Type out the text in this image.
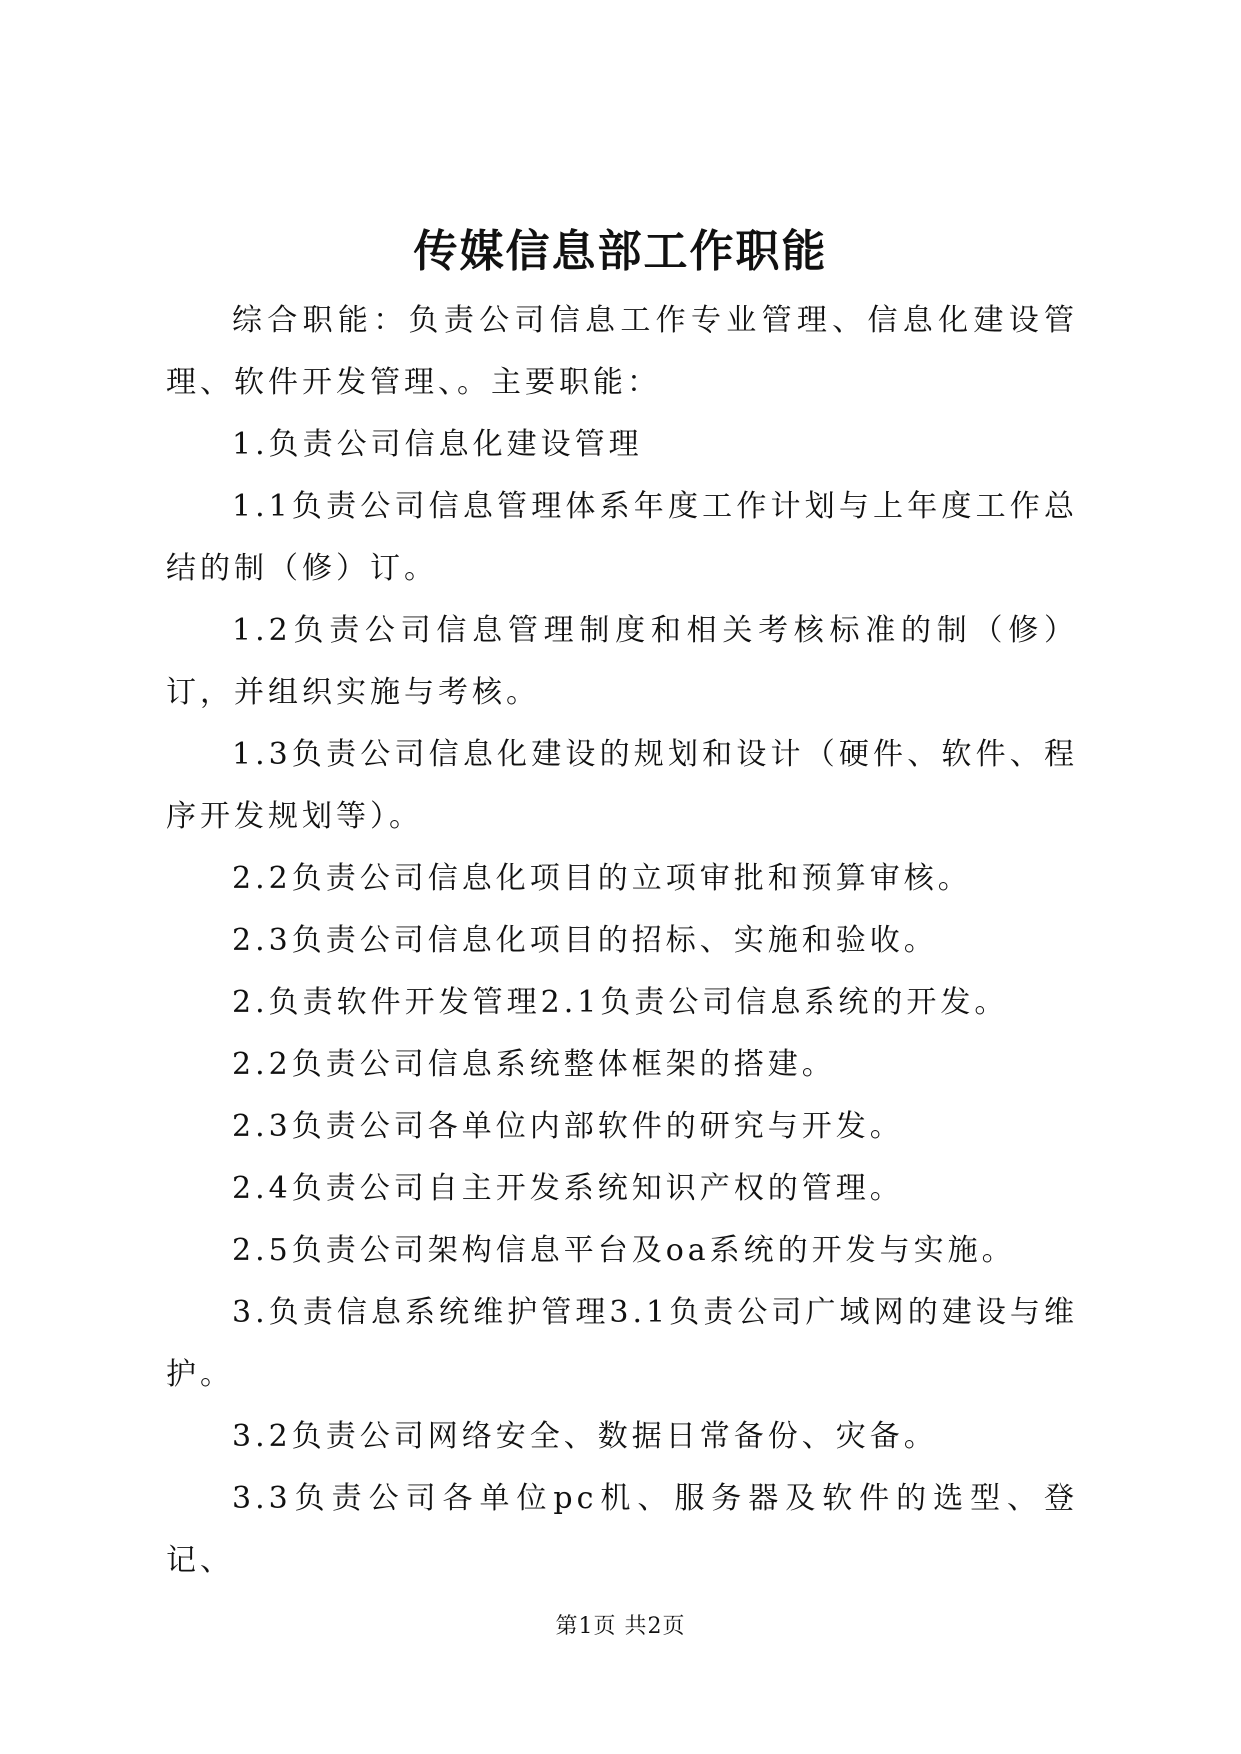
传媒信息部工作职能

综合职能：负责公司信息工作专业管理、信息化建设管理、软件开发管理、。主要职能：

1.负责公司信息化建设管理

1.1负责公司信息管理体系年度工作计划与上年度工作总结的制（修）订。

1.2负责公司信息管理制度和相关考核标准的制（修）订，并组织实施与考核。

1.3负责公司信息化建设的规划和设计（硬件、软件、程序开发规划等）。

2.2负责公司信息化项目的立项审批和预算审核。

2.3负责公司信息化项目的招标、实施和验收。

2.负责软件开发管理2.1负责公司信息系统的开发。

2.2负责公司信息系统整体框架的搭建。

2.3负责公司各单位内部软件的研究与开发。

2.4负责公司自主开发系统知识产权的管理。

2.5负责公司架构信息平台及oa系统的开发与实施。

3.负责信息系统维护管理3.1负责公司广域网的建设与维护。

3.2负责公司网络安全、数据日常备份、灾备。

3.3负责公司各单位pc机、服务器及软件的选型、登记、

第1页 共2页
